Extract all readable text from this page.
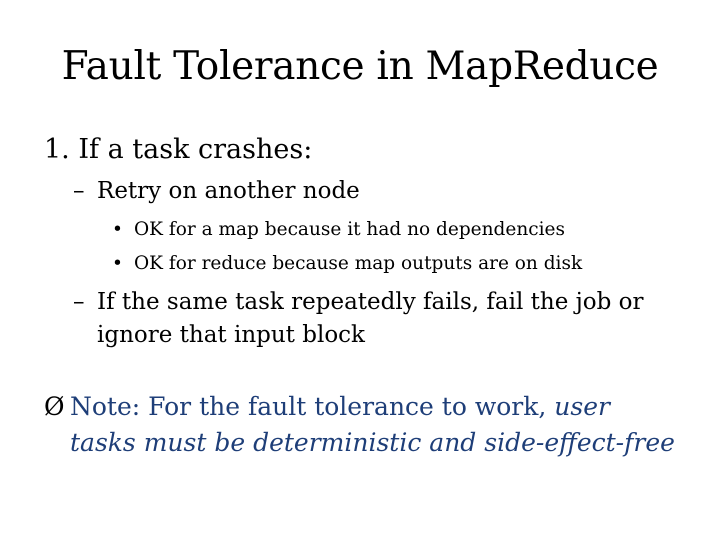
Fault Tolerance in MapReduce
1. If a task crashes:
– Retry on another node
• OK for a map because it had no dependencies
• OK for reduce because map outputs are on disk
– If the same task repeatedly fails, fail the job or
ignore that input block
Ø Note: For the fault tolerance to work, user
tasks must be deterministic and side-effect-free
